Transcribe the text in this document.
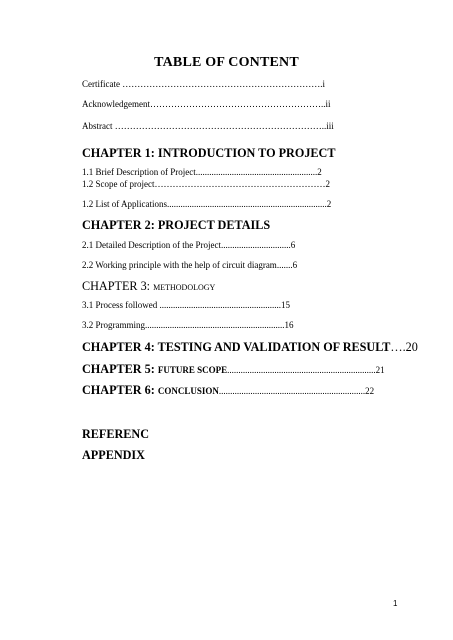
TABLE OF CONTENT
Certificate ………………………………………………………….i
Acknowledgement…………………………………………………..ii
Abstract ……………………………………………………………..iii
CHAPTER 1: INTRODUCTION TO PROJECT
1.1 Brief Description of Project......................................................2
1.2 Scope of project…………………………………………………2
1.2 List of Applications.......................................................................2
CHAPTER 2: PROJECT DETAILS
2.1 Detailed Description of the Project...............................6
2.2 Working principle with the help of circuit diagram.......6
CHAPTER 3: METHODOLOGY
3.1 Process followed ......................................................15
3.2 Programming..............................................................16
CHAPTER 4: TESTING AND VALIDATION OF RESULT….20
CHAPTER 5: FUTURE SCOPE..................................................................21
CHAPTER 6: CONCLUSION.................................................................22
REFERENC
APPENDIX
1
